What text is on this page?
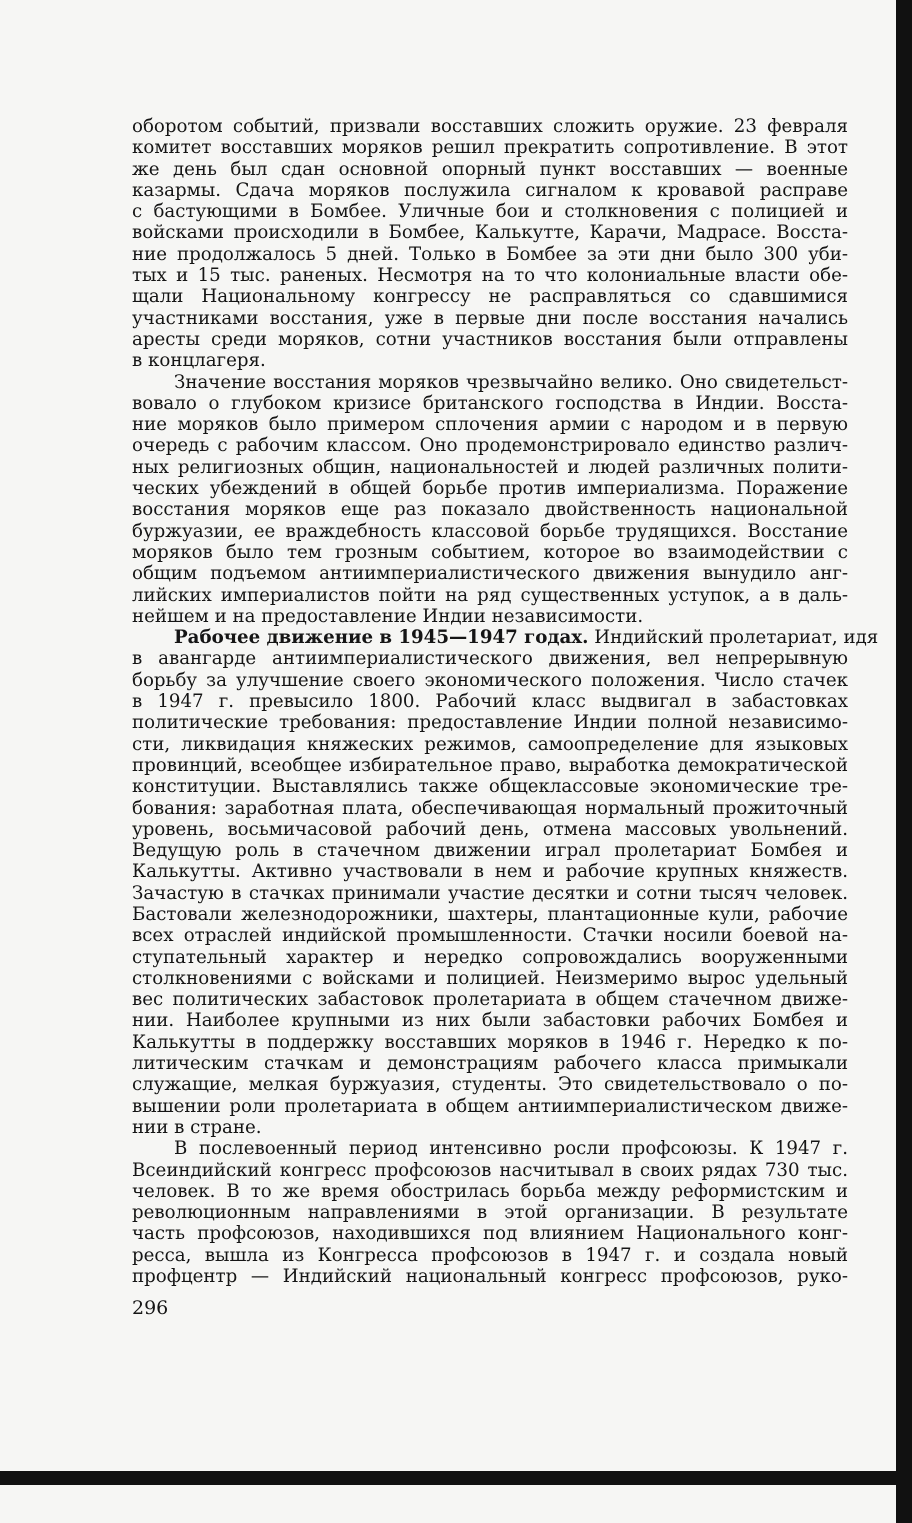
оборотом событий, призвали восставших сложить оружие. 23 февраля
комитет восставших моряков решил прекратить сопротивление. В этот
же день был сдан основной опорный пункт восставших — военные
казармы. Сдача моряков послужила сигналом к кровавой расправе
с бастующими в Бомбее. Уличные бои и столкновения с полицией и
войсками происходили в Бомбее, Калькутте, Карачи, Мадрасе. Восста-
ние продолжалось 5 дней. Только в Бомбее за эти дни было 300 уби-
тых и 15 тыс. раненых. Несмотря на то что колониальные власти обе-
щали Национальному конгрессу не расправляться со сдавшимися
участниками восстания, уже в первые дни после восстания начались
аресты среди моряков, сотни участников восстания были отправлены
в концлагеря.
Значение восстания моряков чрезвычайно велико. Оно свидетельст-
вовало о глубоком кризисе британского господства в Индии. Восста-
ние моряков было примером сплочения армии с народом и в первую
очередь с рабочим классом. Оно продемонстрировало единство различ-
ных религиозных общин, национальностей и людей различных полити-
ческих убеждений в общей борьбе против империализма. Поражение
восстания моряков еще раз показало двойственность национальной
буржуазии, ее враждебность классовой борьбе трудящихся. Восстание
моряков было тем грозным событием, которое во взаимодействии с
общим подъемом антиимпериалистического движения вынудило анг-
лийских империалистов пойти на ряд существенных уступок, а в даль-
нейшем и на предоставление Индии независимости.
Рабочее движение в 1945—1947 годах. Индийский пролетариат, идя
в авангарде антиимпериалистического движения, вел непрерывную
борьбу за улучшение своего экономического положения. Число стачек
в 1947 г. превысило 1800. Рабочий класс выдвигал в забастовках
политические требования: предоставление Индии полной независимо-
сти, ликвидация княжеских режимов, самоопределение для языковых
провинций, всеобщее избирательное право, выработка демократической
конституции. Выставлялись также общеклассовые экономические тре-
бования: заработная плата, обеспечивающая нормальный прожиточный
уровень, восьмичасовой рабочий день, отмена массовых увольнений.
Ведущую роль в стачечном движении играл пролетариат Бомбея и
Калькутты. Активно участвовали в нем и рабочие крупных княжеств.
Зачастую в стачках принимали участие десятки и сотни тысяч человек.
Бастовали железнодорожники, шахтеры, плантационные кули, рабочие
всех отраслей индийской промышленности. Стачки носили боевой на-
ступательный характер и нередко сопровождались вооруженными
столкновениями с войсками и полицией. Неизмеримо вырос удельный
вес политических забастовок пролетариата в общем стачечном движе-
нии. Наиболее крупными из них были забастовки рабочих Бомбея и
Калькутты в поддержку восставших моряков в 1946 г. Нередко к по-
литическим стачкам и демонстрациям рабочего класса примыкали
служащие, мелкая буржуазия, студенты. Это свидетельствовало о по-
вышении роли пролетариата в общем антиимпериалистическом движе-
нии в стране.
В послевоенный период интенсивно росли профсоюзы. К 1947 г.
Всеиндийский конгресс профсоюзов насчитывал в своих рядах 730 тыс.
человек. В то же время обострилась борьба между реформистским и
революционным направлениями в этой организации. В результате
часть профсоюзов, находившихся под влиянием Национального конг-
ресса, вышла из Конгресса профсоюзов в 1947 г. и создала новый
профцентр — Индийский национальный конгресс профсоюзов, руко-
296
